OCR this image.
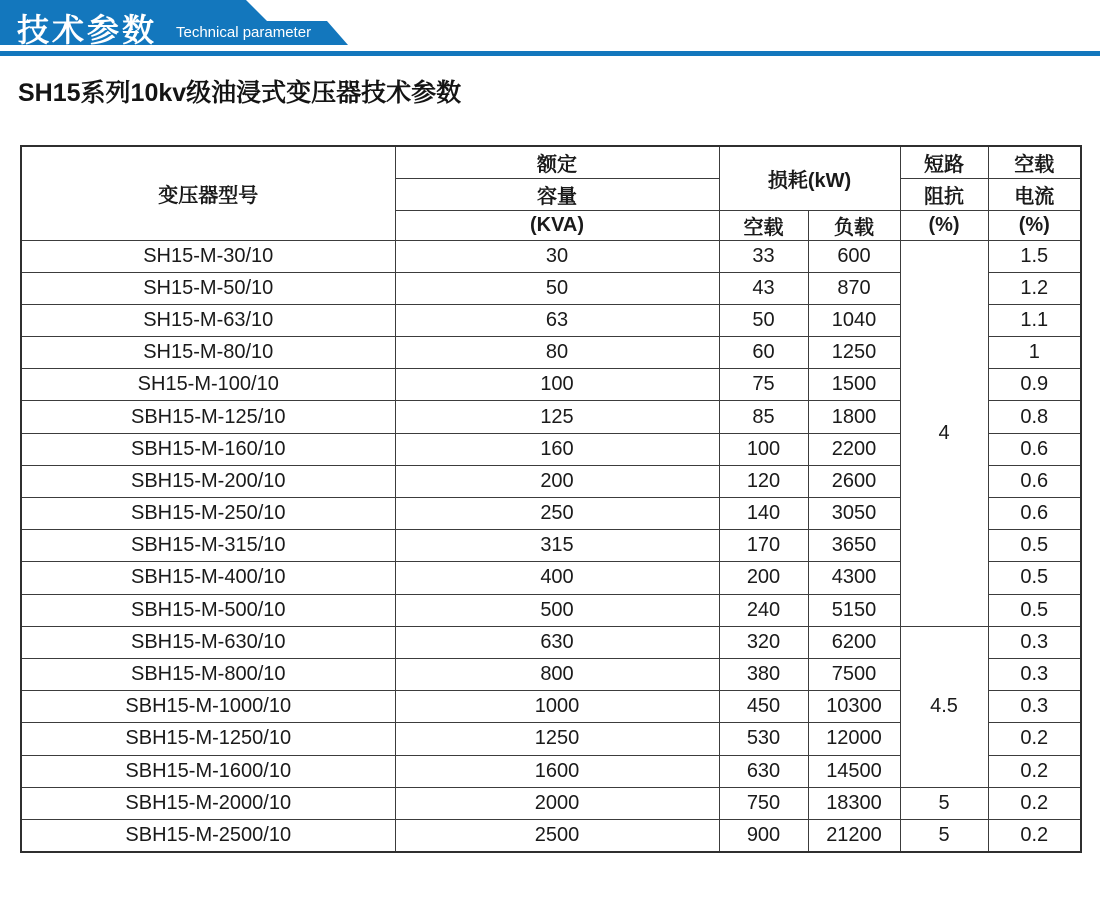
技术参数 Technical parameter
SH15系列10kv级油浸式变压器技术参数
变压器型号	额定	损耗(kW)		短路	空载
	容量			阻抗	电流
	(KVA)	空载	负载	(%)	(%)
SH15-M-30/10	30	33	600	4	1.5
SH15-M-50/10	50	43	870		1.2
SH15-M-63/10	63	50	1040		1.1
SH15-M-80/10	80	60	1250		1
SH15-M-100/10	100	75	1500		0.9
SBH15-M-125/10	125	85	1800		0.8
SBH15-M-160/10	160	100	2200		0.6
SBH15-M-200/10	200	120	2600		0.6
SBH15-M-250/10	250	140	3050		0.6
SBH15-M-315/10	315	170	3650		0.5
SBH15-M-400/10	400	200	4300		0.5
SBH15-M-500/10	500	240	5150		0.5
SBH15-M-630/10	630	320	6200	4.5	0.3
SBH15-M-800/10	800	380	7500		0.3
SBH15-M-1000/10	1000	450	10300		0.3
SBH15-M-1250/10	1250	530	12000		0.2
SBH15-M-1600/10	1600	630	14500		0.2
SBH15-M-2000/10	2000	750	18300	5	0.2
SBH15-M-2500/10	2500	900	21200	5	0.2
